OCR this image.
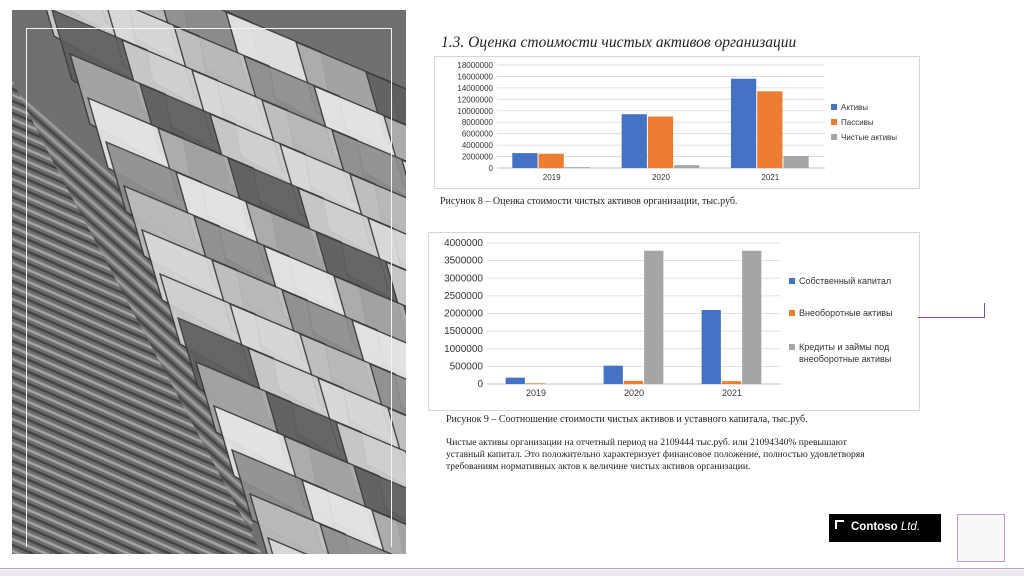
1.3. Оценка стоимости чистых активов организации
0
2000000
4000000
6000000
8000000
10000000
12000000
14000000
16000000
18000000
2019	2020	2021
Активы
Пассивы
Чистые активы
Рисунок 8 – Оценка стоимости чистых активов организации, тыс.руб.
0
500000
1000000
1500000
2000000
2500000
3000000
3500000
4000000
2019	2020	2021
Собственный капитал
Внеоборотные активы
Кредиты и займы под
внеоборотные активы
Рисунок 9 – Соотношение стоимости чистых активов и уставного капитала, тыс.руб.
Чистые активы организации на отчетный период на 2109444 тыс.руб. или 21094340% превышают уставный капитал. Это положительно характеризует финансовое положение, полностью удовлетворяя требованиям нормативных актов к величине чистых активов организации.
Contoso Ltd.
